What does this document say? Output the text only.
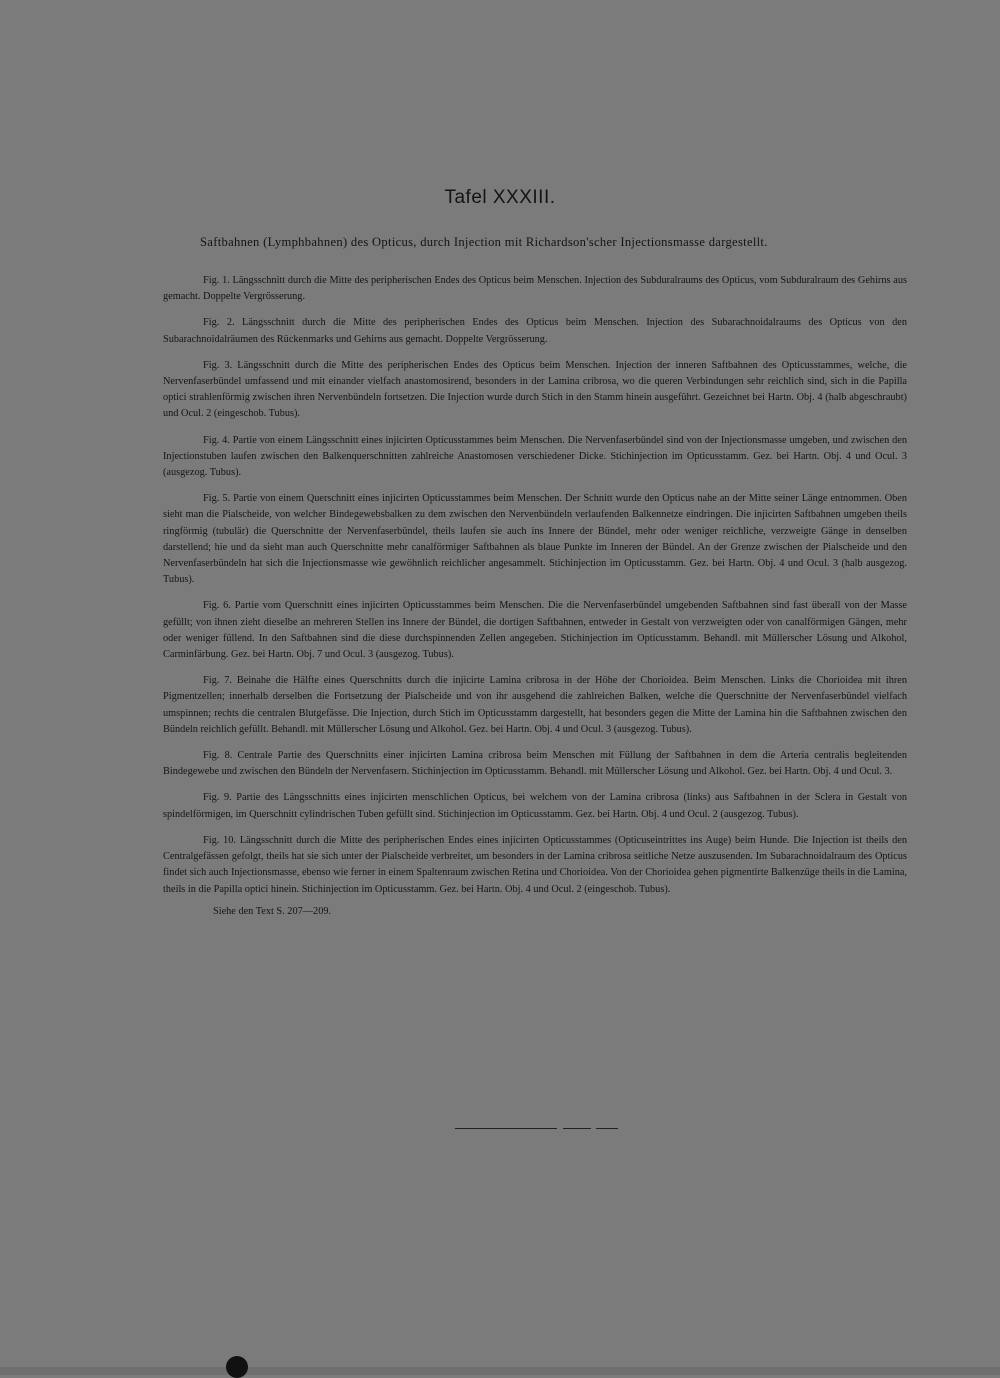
Tafel XXXIII.
Saftbahnen (Lymphbahnen) des Opticus, durch Injection mit Richardson'scher Injectionsmasse dargestellt.

Fig. 1. Längsschnitt durch die Mitte des peripherischen Endes des Opticus beim Menschen. Injection des Subduralraums des Opticus, vom Subduralraum des Gehirns aus gemacht. Doppelte Vergrösserung.

Fig. 2. Längsschnitt durch die Mitte des peripherischen Endes des Opticus beim Menschen. Injection des Subarachnoidalraums des Opticus von den Subarachnoidalräumen des Rückenmarks und Gehirns aus gemacht. Doppelte Vergrösserung.

Fig. 3. Längsschnitt durch die Mitte des peripherischen Endes des Opticus beim Menschen. Injection der inneren Saftbahnen des Opticusstammes, welche, die Nervenfaserbündel umfassend und mit einander vielfach anastomosirend, besonders in der Lamina cribrosa, wo die queren Verbindungen sehr reichlich sind, sich in die Papilla optici strahlenförmig zwischen ihren Nervenbündeln fortsetzen. Die Injection wurde durch Stich in den Stamm hinein ausgeführt. Gezeichnet bei Hartn. Obj. 4 (halb abgeschraubt) und Ocul. 2 (eingeschob. Tubus).

Fig. 4. Partie von einem Längsschnitt eines injicirten Opticusstammes beim Menschen. Die Nervenfaserbündel sind von der Injectionsmasse umgeben, und zwischen den Injectionstuben laufen zwischen den Balkenquerschnitten zahlreiche Anastomosen verschiedener Dicke. Stichinjection im Opticusstamm. Gez. bei Hartn. Obj. 4 und Ocul. 3 (ausgezog. Tubus).

Fig. 5. Partie von einem Querschnitt eines injicirten Opticusstammes beim Menschen. Der Schnitt wurde den Opticus nahe an der Mitte seiner Länge entnommen. Oben sieht man die Pialscheide, von welcher Bindegewebsbalken zu dem zwischen den Nervenbündeln verlaufenden Balkennetze eindringen. Die injicirten Saftbahnen umgeben theils ringförmig (tubulär) die Querschnitte der Nervenfaserbündel, theils laufen sie auch ins Innere der Bündel, mehr oder weniger reichliche, verzweigte Gänge in denselben darstellend; hie und da sieht man auch Querschnitte mehr canalförmiger Saftbahnen als blaue Punkte im Inneren der Bündel. An der Grenze zwischen der Pialscheide und den Nervenfaserbündeln hat sich die Injectionsmasse wie gewöhnlich reichlicher angesammelt. Stichinjection im Opticusstamm. Gez. bei Hartn. Obj. 4 und Ocul. 3 (halb ausgezog. Tubus).

Fig. 6. Partie vom Querschnitt eines injicirten Opticusstammes beim Menschen. Die die Nervenfaserbündel umgebenden Saftbahnen sind fast überall von der Masse gefüllt; von ihnen zieht dieselbe an mehreren Stellen ins Innere der Bündel, die dortigen Saftbahnen, entweder in Gestalt von verzweigten oder von canalförmigen Gängen, mehr oder weniger füllend. In den Saftbahnen sind die diese durchspinnenden Zellen angegeben. Stichinjection im Opticusstamm. Behandl. mit Müllerscher Lösung und Alkohol, Carminfärbung. Gez. bei Hartn. Obj. 7 und Ocul. 3 (ausgezog. Tubus).

Fig. 7. Beinahe die Hälfte eines Querschnitts durch die injicirte Lamina cribrosa in der Höhe der Chorioidea. Beim Menschen. Links die Chorioidea mit ihren Pigmentzellen; innerhalb derselben die Fortsetzung der Pialscheide und von ihr ausgehend die zahlreichen Balken, welche die Querschnitte der Nervenfaserbündel vielfach umspinnen; rechts die centralen Blutgefässe. Die Injection, durch Stich im Opticusstamm dargestellt, hat besonders gegen die Mitte der Lamina hin die Saftbahnen zwischen den Bündeln reichlich gefüllt. Behandl. mit Müllerscher Lösung und Alkohol. Gez. bei Hartn. Obj. 4 und Ocul. 3 (ausgezog. Tubus).

Fig. 8. Centrale Partie des Querschnitts einer injicirten Lamina cribrosa beim Menschen mit Füllung der Saftbahnen in dem die Arteria centralis begleitenden Bindegewebe und zwischen den Bündeln der Nervenfasern. Stichinjection im Opticusstamm. Behandl. mit Müllerscher Lösung und Alkohol. Gez. bei Hartn. Obj. 4 und Ocul. 3.

Fig. 9. Partie des Längsschnitts eines injicirten menschlichen Opticus, bei welchem von der Lamina cribrosa (links) aus Saftbahnen in der Sclera in Gestalt von spindelförmigen, im Querschnitt cylindrischen Tuben gefüllt sind. Stichinjection im Opticusstamm. Gez. bei Hartn. Obj. 4 und Ocul. 2 (ausgezog. Tubus).

Fig. 10. Längsschnitt durch die Mitte des peripherischen Endes eines injicirten Opticusstammes (Opticuseintrittes ins Auge) beim Hunde. Die Injection ist theils den Centralgefässen gefolgt, theils hat sie sich unter der Pialscheide verbreitet, um besonders in der Lamina cribrosa seitliche Netze auszusenden. Im Subarachnoidalraum des Opticus findet sich auch Injectionsmasse, ebenso wie ferner in einem Spaltenraum zwischen Retina und Chorioidea. Von der Chorioidea gehen pigmentirte Balkenzüge theils in die Lamina, theils in die Papilla optici hinein. Stichinjection im Opticusstamm. Gez. bei Hartn. Obj. 4 und Ocul. 2 (eingeschob. Tubus).

Siehe den Text S. 207—209.
